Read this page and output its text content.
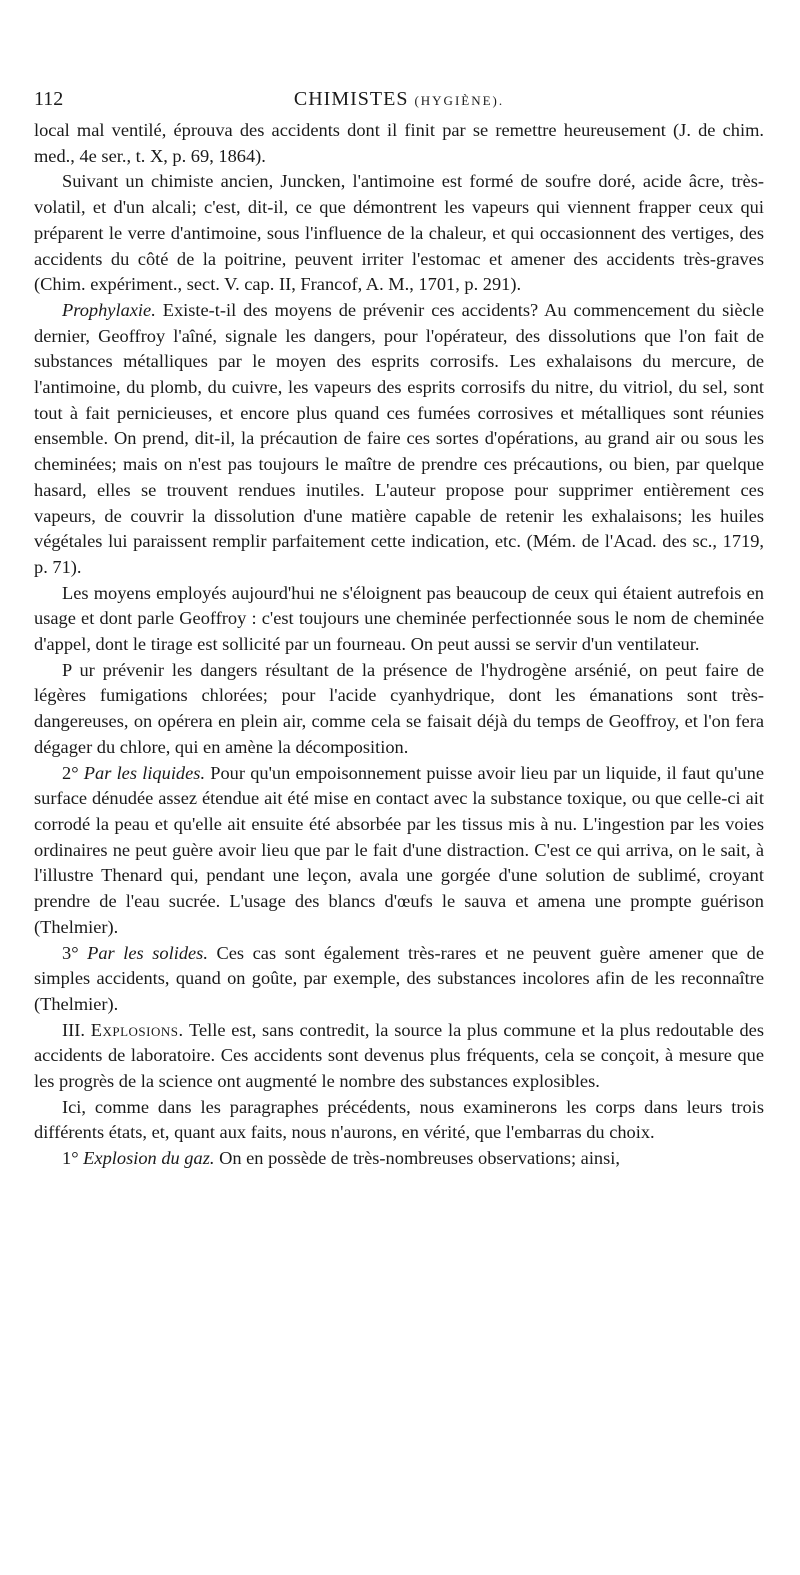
112	CHIMISTES (HYGIÈNE).

local mal ventilé, éprouva des accidents dont il finit par se remettre heureusement (J. de chim. med., 4e ser., t. X, p. 69, 1864).

Suivant un chimiste ancien, Juncken, l'antimoine est formé de soufre doré, acide âcre, très-volatil, et d'un alcali; c'est, dit-il, ce que démontrent les vapeurs qui viennent frapper ceux qui préparent le verre d'antimoine, sous l'influence de la chaleur, et qui occasionnent des vertiges, des accidents du côté de la poitrine, peuvent irriter l'estomac et amener des accidents très-graves (Chim. expériment., sect. V. cap. II, Francof, A. M., 1701, p. 291).

Prophylaxie. Existe-t-il des moyens de prévenir ces accidents? Au commencement du siècle dernier, Geoffroy l'aîné, signale les dangers, pour l'opérateur, des dissolutions que l'on fait de substances métalliques par le moyen des esprits corrosifs. Les exhalaisons du mercure, de l'antimoine, du plomb, du cuivre, les vapeurs des esprits corrosifs du nitre, du vitriol, du sel, sont tout à fait pernicieuses, et encore plus quand ces fumées corrosives et métalliques sont réunies ensemble. On prend, dit-il, la précaution de faire ces sortes d'opérations, au grand air ou sous les cheminées; mais on n'est pas toujours le maître de prendre ces précautions, ou bien, par quelque hasard, elles se trouvent rendues inutiles. L'auteur propose pour supprimer entièrement ces vapeurs, de couvrir la dissolution d'une matière capable de retenir les exhalaisons; les huiles végétales lui paraissent remplir parfaitement cette indication, etc. (Mém. de l'Acad. des sc., 1719, p. 71).

Les moyens employés aujourd'hui ne s'éloignent pas beaucoup de ceux qui étaient autrefois en usage et dont parle Geoffroy : c'est toujours une cheminée perfectionnée sous le nom de cheminée d'appel, dont le tirage est sollicité par un fourneau. On peut aussi se servir d'un ventilateur.

P ur prévenir les dangers résultant de la présence de l'hydrogène arsénié, on peut faire de légères fumigations chlorées; pour l'acide cyanhydrique, dont les émanations sont très-dangereuses, on opérera en plein air, comme cela se faisait déjà du temps de Geoffroy, et l'on fera dégager du chlore, qui en amène la décomposition.

2° Par les liquides. Pour qu'un empoisonnement puisse avoir lieu par un liquide, il faut qu'une surface dénudée assez étendue ait été mise en contact avec la substance toxique, ou que celle-ci ait corrodé la peau et qu'elle ait ensuite été absorbée par les tissus mis à nu. L'ingestion par les voies ordinaires ne peut guère avoir lieu que par le fait d'une distraction. C'est ce qui arriva, on le sait, à l'illustre Thenard qui, pendant une leçon, avala une gorgée d'une solution de sublimé, croyant prendre de l'eau sucrée. L'usage des blancs d'œufs le sauva et amena une prompte guérison (Thelmier).

3° Par les solides. Ces cas sont également très-rares et ne peuvent guère amener que de simples accidents, quand on goûte, par exemple, des substances incolores afin de les reconnaître (Thelmier).

III. Explosions. Telle est, sans contredit, la source la plus commune et la plus redoutable des accidents de laboratoire. Ces accidents sont devenus plus fréquents, cela se conçoit, à mesure que les progrès de la science ont augmenté le nombre des substances explosibles.

Ici, comme dans les paragraphes précédents, nous examinerons les corps dans leurs trois différents états, et, quant aux faits, nous n'aurons, en vérité, que l'embarras du choix.

1° Explosion du gaz. On en possède de très-nombreuses observations; ainsi,
